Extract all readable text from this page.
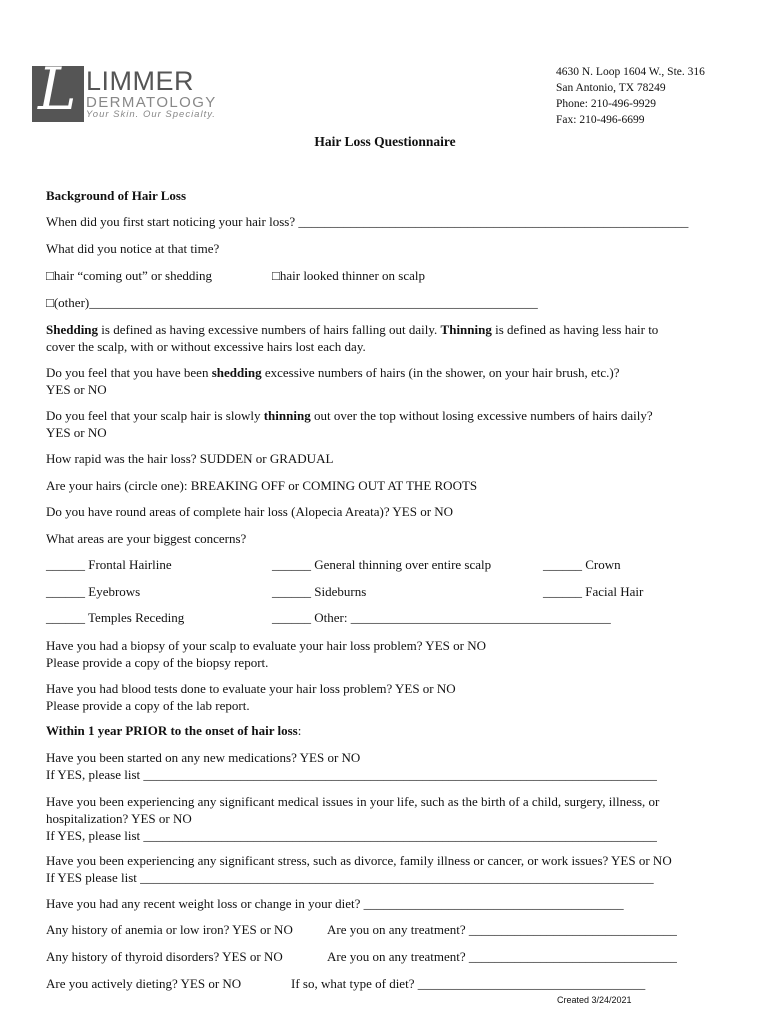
L LIMMER
DERMATOLOGY
Your Skin. Our Specialty.
4630 N. Loop 1604 W., Ste. 316
San Antonio, TX 78249
Phone: 210-496-9929
Fax: 210-496-6699
Hair Loss Questionnaire
Background of Hair Loss
When did you first start noticing your hair loss? ____________________________________________________________
What did you notice at that time?
□hair “coming out” or shedding	□hair looked thinner on scalp
□(other)_____________________________________________________________________
Shedding is defined as having excessive numbers of hairs falling out daily. Thinning is defined as having less hair to
cover the scalp, with or without excessive hairs lost each day.
Do you feel that you have been shedding excessive numbers of hairs (in the shower, on your hair brush, etc.)?
YES or NO
Do you feel that your scalp hair is slowly thinning out over the top without losing excessive numbers of hairs daily?
YES or NO
How rapid was the hair loss? SUDDEN or GRADUAL
Are your hairs (circle one): BREAKING OFF or COMING OUT AT THE ROOTS
Do you have round areas of complete hair loss (Alopecia Areata)? YES or NO
What areas are your biggest concerns?
______ Frontal Hairline	______ General thinning over entire scalp	______ Crown
______ Eyebrows	______ Sideburns	______ Facial Hair
______ Temples Receding	______ Other: ________________________________________
Have you had a biopsy of your scalp to evaluate your hair loss problem? YES or NO
Please provide a copy of the biopsy report.
Have you had blood tests done to evaluate your hair loss problem? YES or NO
Please provide a copy of the lab report.
Within 1 year PRIOR to the onset of hair loss:
Have you been started on any new medications? YES or NO
If YES, please list _______________________________________________________________________________
Have you been experiencing any significant medical issues in your life, such as the birth of a child, surgery, illness, or
hospitalization? YES or NO
If YES, please list _______________________________________________________________________________
Have you been experiencing any significant stress, such as divorce, family illness or cancer, or work issues? YES or NO
If YES please list _______________________________________________________________________________
Have you had any recent weight loss or change in your diet? ________________________________________
Any history of anemia or low iron? YES or NO	Are you on any treatment? ________________________________
Any history of thyroid disorders? YES or NO	Are you on any treatment? ________________________________
Are you actively dieting? YES or NO	If so, what type of diet? ___________________________________
Created 3/24/2021
